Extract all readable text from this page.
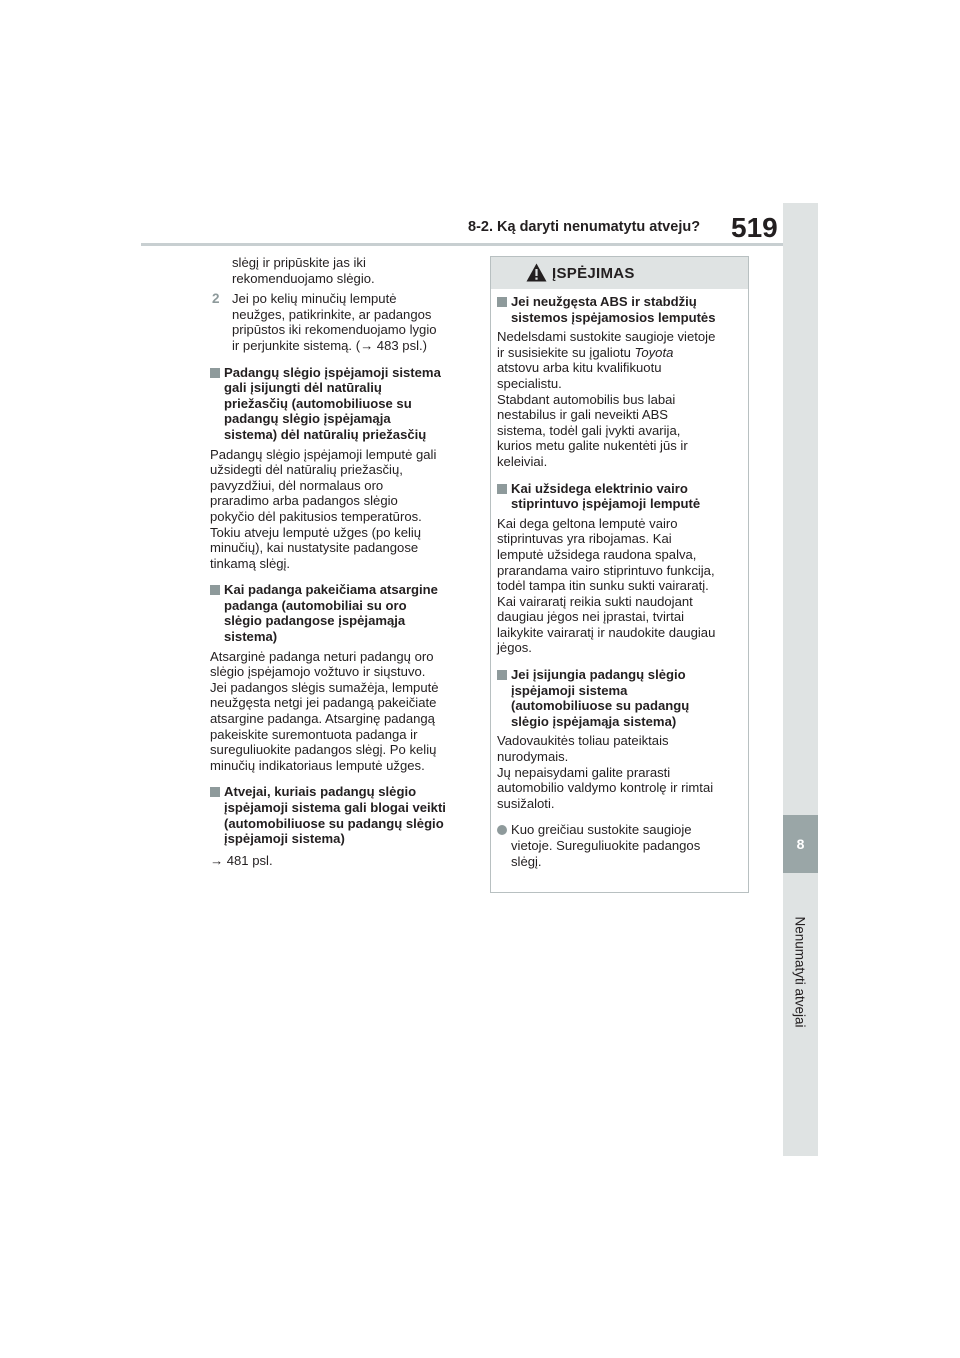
8-2. Ką daryti nenumatytu atveju? 519
8
Nenumatyti atvejai

slėgį ir pripūskite jas iki
rekomenduojamo slėgio.

2 Jei po kelių minučių lemputė
neužges, patikrinkite, ar padangos
pripūstos iki rekomenduojamo lygio
ir perjunkite sistemą. (→ 483 psl.)

Padangų slėgio įspėjamoji sistema
gali įsijungti dėl natūralių
priežasčių (automobiliuose su
padangų slėgio įspėjamąja
sistema) dėl natūralių priežasčių

Padangų slėgio įspėjamoji lemputė gali
užsidegti dėl natūralių priežasčių,
pavyzdžiui, dėl normalaus oro
praradimo arba padangos slėgio
pokyčio dėl pakitusios temperatūros.
Tokiu atveju lemputė užges (po kelių
minučių), kai nustatysite padangose
tinkamą slėgį.

Kai padanga pakeičiama atsargine
padanga (automobiliai su oro
slėgio padangose įspėjamąja
sistema)

Atsarginė padanga neturi padangų oro
slėgio įspėjamojo vožtuvo ir siųstuvo.
Jei padangos slėgis sumažėja, lemputė
neužgęsta netgi jei padangą pakeičiate
atsargine padanga. Atsarginę padangą
pakeiskite suremontuota padanga ir
sureguliuokite padangos slėgį. Po kelių
minučių indikatoriaus lemputė užges.

Atvejai, kuriais padangų slėgio
įspėjamoji sistema gali blogai veikti
(automobiliuose su padangų slėgio
įspėjamoji sistema)

→ 481 psl.

ĮSPĖJIMAS

Jei neužgęsta ABS ir stabdžių
sistemos įspėjamosios lemputės

Nedelsdami sustokite saugioje vietoje
ir susisiekite su įgaliotu Toyota
atstovu arba kitu kvalifikuotu
specialistu.
Stabdant automobilis bus labai
nestabilus ir gali neveikti ABS
sistema, todėl gali įvykti avarija,
kurios metu galite nukentėti jūs ir
keleiviai.

Kai užsidega elektrinio vairo
stiprintuvo įspėjamoji lemputė

Kai dega geltona lemputė vairo
stiprintuvas yra ribojamas. Kai
lemputė užsidega raudona spalva,
prarandama vairo stiprintuvo funkcija,
todėl tampa itin sunku sukti vairaratį.
Kai vairaratį reikia sukti naudojant
daugiau jėgos nei įprastai, tvirtai
laikykite vairaratį ir naudokite daugiau
jėgos.

Jei įsijungia padangų slėgio
įspėjamoji sistema
(automobiliuose su padangų
slėgio įspėjamąja sistema)

Vadovaukitės toliau pateiktais
nurodymais.
Jų nepaisydami galite prarasti
automobilio valdymo kontrolę ir rimtai
susižaloti.

Kuo greičiau sustokite saugioje
vietoje. Sureguliuokite padangos
slėgį.
